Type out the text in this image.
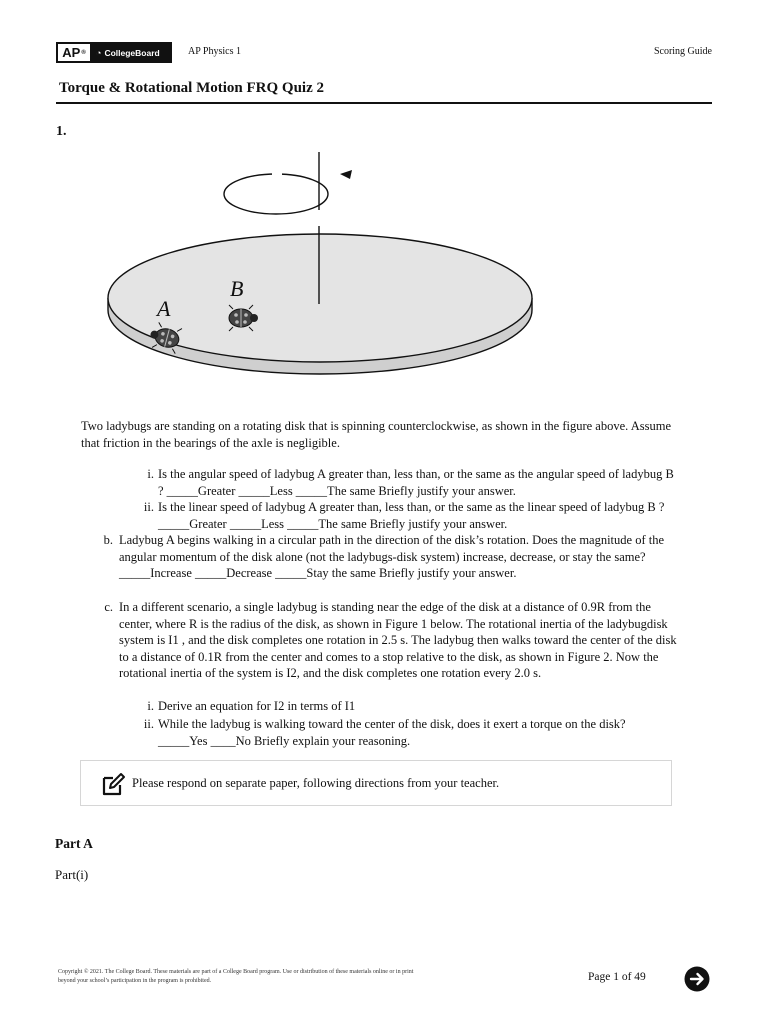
AP ® ◔ CollegeBoard	AP Physics 1	Scoring Guide
Torque & Rotational Motion FRQ Quiz 2
1.
A
B
Two ladybugs are standing on a rotating disk that is spinning counterclockwise, as shown in the figure above. Assume that friction in the bearings of the axle is negligible.
i. Is the angular speed of ladybug A greater than, less than, or the same as the angular speed of ladybug B ? _____Greater _____Less _____The same Briefly justify your answer.
ii. Is the linear speed of ladybug A greater than, less than, or the same as the linear speed of ladybug B ? _____Greater _____Less _____The same Briefly justify your answer.
b. Ladybug A begins walking in a circular path in the direction of the disk’s rotation. Does the magnitude of the angular momentum of the disk alone (not the ladybugs-disk system) increase, decrease, or stay the same? _____Increase _____Decrease _____Stay the same Briefly justify your answer.
c. In a different scenario, a single ladybug is standing near the edge of the disk at a distance of 0.9R from the center, where R is the radius of the disk, as shown in Figure 1 below. The rotational inertia of the ladybugdisk system is I1 , and the disk completes one rotation in 2.5 s. The ladybug then walks toward the center of the disk to a distance of 0.1R from the center and comes to a stop relative to the disk, as shown in Figure 2. Now the rotational inertia of the system is I2, and the disk completes one rotation every 2.0 s.
i. Derive an equation for I2 in terms of I1
ii. While the ladybug is walking toward the center of the disk, does it exert a torque on the disk? _____Yes ____No Briefly explain your reasoning.
Please respond on separate paper, following directions from your teacher.
Part A
Part(i)
Copyright © 2021. The College Board. These materials are part of a College Board program. Use or distribution of these materials online or in print
beyond your school’s participation in the program is prohibited.	Page 1 of 49
